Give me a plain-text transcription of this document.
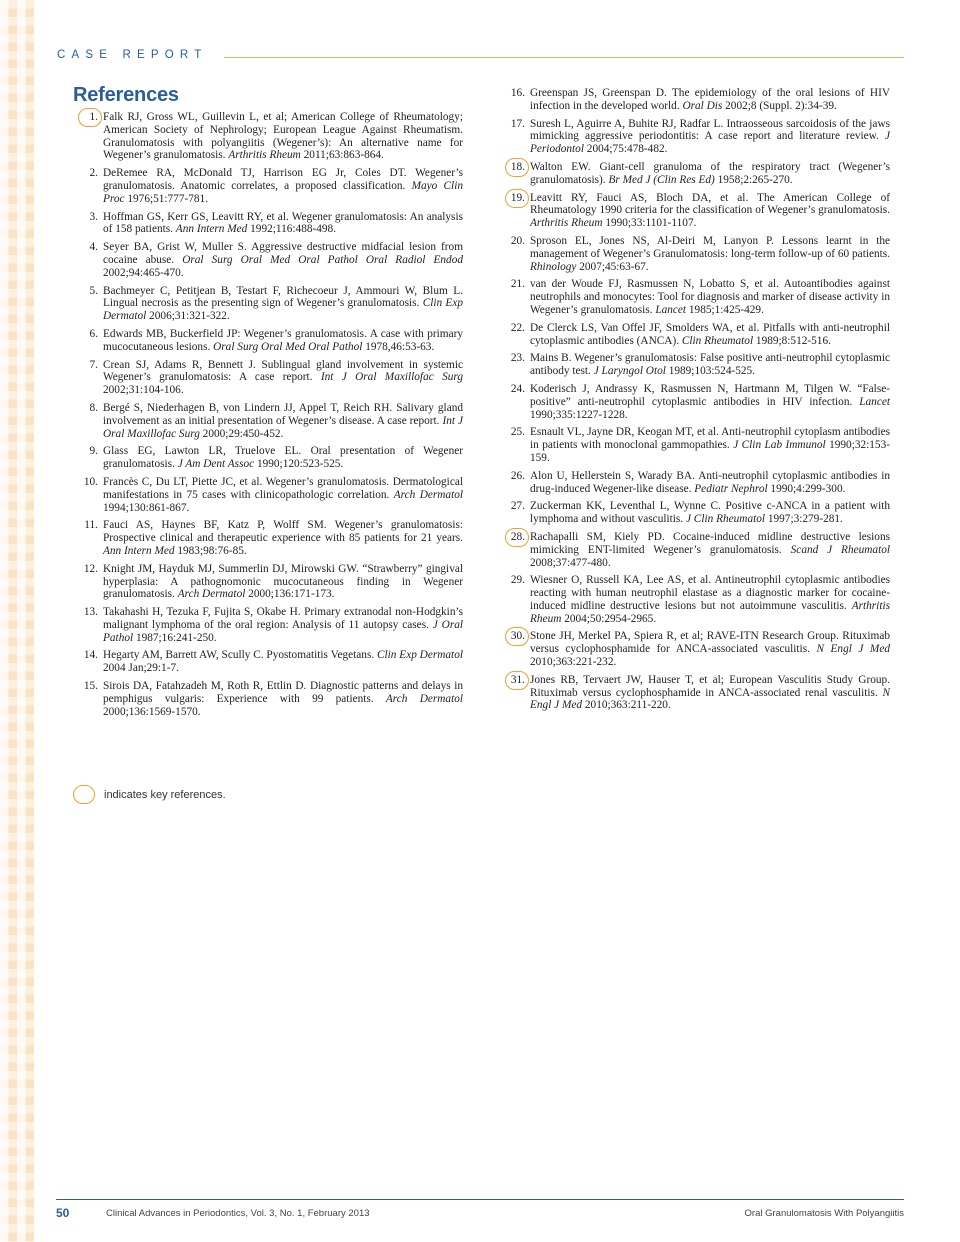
CASE REPORT
References
1. Falk RJ, Gross WL, Guillevin L, et al; American College of Rheumatology; American Society of Nephrology; European League Against Rheumatism. Granulomatosis with polyangiitis (Wegener’s): An alternative name for Wegener’s granulomatosis. Arthritis Rheum 2011;63:863-864.
2. DeRemee RA, McDonald TJ, Harrison EG Jr, Coles DT. Wegener’s granulomatosis. Anatomic correlates, a proposed classification. Mayo Clin Proc 1976;51:777-781.
3. Hoffman GS, Kerr GS, Leavitt RY, et al. Wegener granulomatosis: An analysis of 158 patients. Ann Intern Med 1992;116:488-498.
4. Seyer BA, Grist W, Muller S. Aggressive destructive midfacial lesion from cocaine abuse. Oral Surg Oral Med Oral Pathol Oral Radiol Endod 2002;94:465-470.
5. Bachmeyer C, Petitjean B, Testart F, Richecoeur J, Ammouri W, Blum L. Lingual necrosis as the presenting sign of Wegener’s granulomatosis. Clin Exp Dermatol 2006;31:321-322.
6. Edwards MB, Buckerfield JP: Wegener’s granulomatosis. A case with primary mucocutaneous lesions. Oral Surg Oral Med Oral Pathol 1978,46:53-63.
7. Crean SJ, Adams R, Bennett J. Sublingual gland involvement in systemic Wegener’s granulomatosis: A case report. Int J Oral Maxillofac Surg 2002;31:104-106.
8. Bergé S, Niederhagen B, von Lindern JJ, Appel T, Reich RH. Salivary gland involvement as an initial presentation of Wegener’s disease. A case report. Int J Oral Maxillofac Surg 2000;29:450-452.
9. Glass EG, Lawton LR, Truelove EL. Oral presentation of Wegener granulomatosis. J Am Dent Assoc 1990;120:523-525.
10. Francès C, Du LT, Piette JC, et al. Wegener’s granulomatosis. Dermatological manifestations in 75 cases with clinicopathologic correlation. Arch Dermatol 1994;130:861-867.
11. Fauci AS, Haynes BF, Katz P, Wolff SM. Wegener’s granulomatosis: Prospective clinical and therapeutic experience with 85 patients for 21 years. Ann Intern Med 1983;98:76-85.
12. Knight JM, Hayduk MJ, Summerlin DJ, Mirowski GW. “Strawberry” gingival hyperplasia: A pathognomonic mucocutaneous finding in Wegener granulomatosis. Arch Dermatol 2000;136:171-173.
13. Takahashi H, Tezuka F, Fujita S, Okabe H. Primary extranodal non-Hodgkin’s malignant lymphoma of the oral region: Analysis of 11 autopsy cases. J Oral Pathol 1987;16:241-250.
14. Hegarty AM, Barrett AW, Scully C. Pyostomatitis Vegetans. Clin Exp Dermatol 2004 Jan;29:1-7.
15. Sirois DA, Fatahzadeh M, Roth R, Ettlin D. Diagnostic patterns and delays in pemphigus vulgaris: Experience with 99 patients. Arch Dermatol 2000;136:1569-1570.
16. Greenspan JS, Greenspan D. The epidemiology of the oral lesions of HIV infection in the developed world. Oral Dis 2002;8 (Suppl. 2):34-39.
17. Suresh L, Aguirre A, Buhite RJ, Radfar L. Intraosseous sarcoidosis of the jaws mimicking aggressive periodontitis: A case report and literature review. J Periodontol 2004;75:478-482.
18. Walton EW. Giant-cell granuloma of the respiratory tract (Wegener’s granulomatosis). Br Med J (Clin Res Ed) 1958;2:265-270.
19. Leavitt RY, Fauci AS, Bloch DA, et al. The American College of Rheumatology 1990 criteria for the classification of Wegener’s granulomatosis. Arthritis Rheum 1990;33:1101-1107.
20. Sproson EL, Jones NS, Al-Deiri M, Lanyon P. Lessons learnt in the management of Wegener’s Granulomatosis: long-term follow-up of 60 patients. Rhinology 2007;45:63-67.
21. van der Woude FJ, Rasmussen N, Lobatto S, et al. Autoantibodies against neutrophils and monocytes: Tool for diagnosis and marker of disease activity in Wegener’s granulomatosis. Lancet 1985;1:425-429.
22. De Clerck LS, Van Offel JF, Smolders WA, et al. Pitfalls with anti-neutrophil cytoplasmic antibodies (ANCA). Clin Rheumatol 1989;8:512-516.
23. Mains B. Wegener’s granulomatosis: False positive anti-neutrophil cytoplasmic antibody test. J Laryngol Otol 1989;103:524-525.
24. Koderisch J, Andrassy K, Rasmussen N, Hartmann M, Tilgen W. “False-positive” anti-neutrophil cytoplasmic antibodies in HIV infection. Lancet 1990;335:1227-1228.
25. Esnault VL, Jayne DR, Keogan MT, et al. Anti-neutrophil cytoplasm antibodies in patients with monoclonal gammopathies. J Clin Lab Immunol 1990;32:153-159.
26. Alon U, Hellerstein S, Warady BA. Anti-neutrophil cytoplasmic antibodies in drug-induced Wegener-like disease. Pediatr Nephrol 1990;4:299-300.
27. Zuckerman KK, Leventhal L, Wynne C. Positive c-ANCA in a patient with lymphoma and without vasculitis. J Clin Rheumatol 1997;3:279-281.
28. Rachapalli SM, Kiely PD. Cocaine-induced midline destructive lesions mimicking ENT-limited Wegener’s granulomatosis. Scand J Rheumatol 2008;37:477-480.
29. Wiesner O, Russell KA, Lee AS, et al. Antineutrophil cytoplasmic antibodies reacting with human neutrophil elastase as a diagnostic marker for cocaine-induced midline destructive lesions but not autoimmune vasculitis. Arthritis Rheum 2004;50:2954-2965.
30. Stone JH, Merkel PA, Spiera R, et al; RAVE-ITN Research Group. Rituximab versus cyclophosphamide for ANCA-associated vasculitis. N Engl J Med 2010;363:221-232.
31. Jones RB, Tervaert JW, Hauser T, et al; European Vasculitis Study Group. Rituximab versus cyclophosphamide in ANCA-associated renal vasculitis. N Engl J Med 2010;363:211-220.
indicates key references.
50	Clinical Advances in Periodontics, Vol. 3, No. 1, February 2013	Oral Granulomatosis With Polyangiitis
